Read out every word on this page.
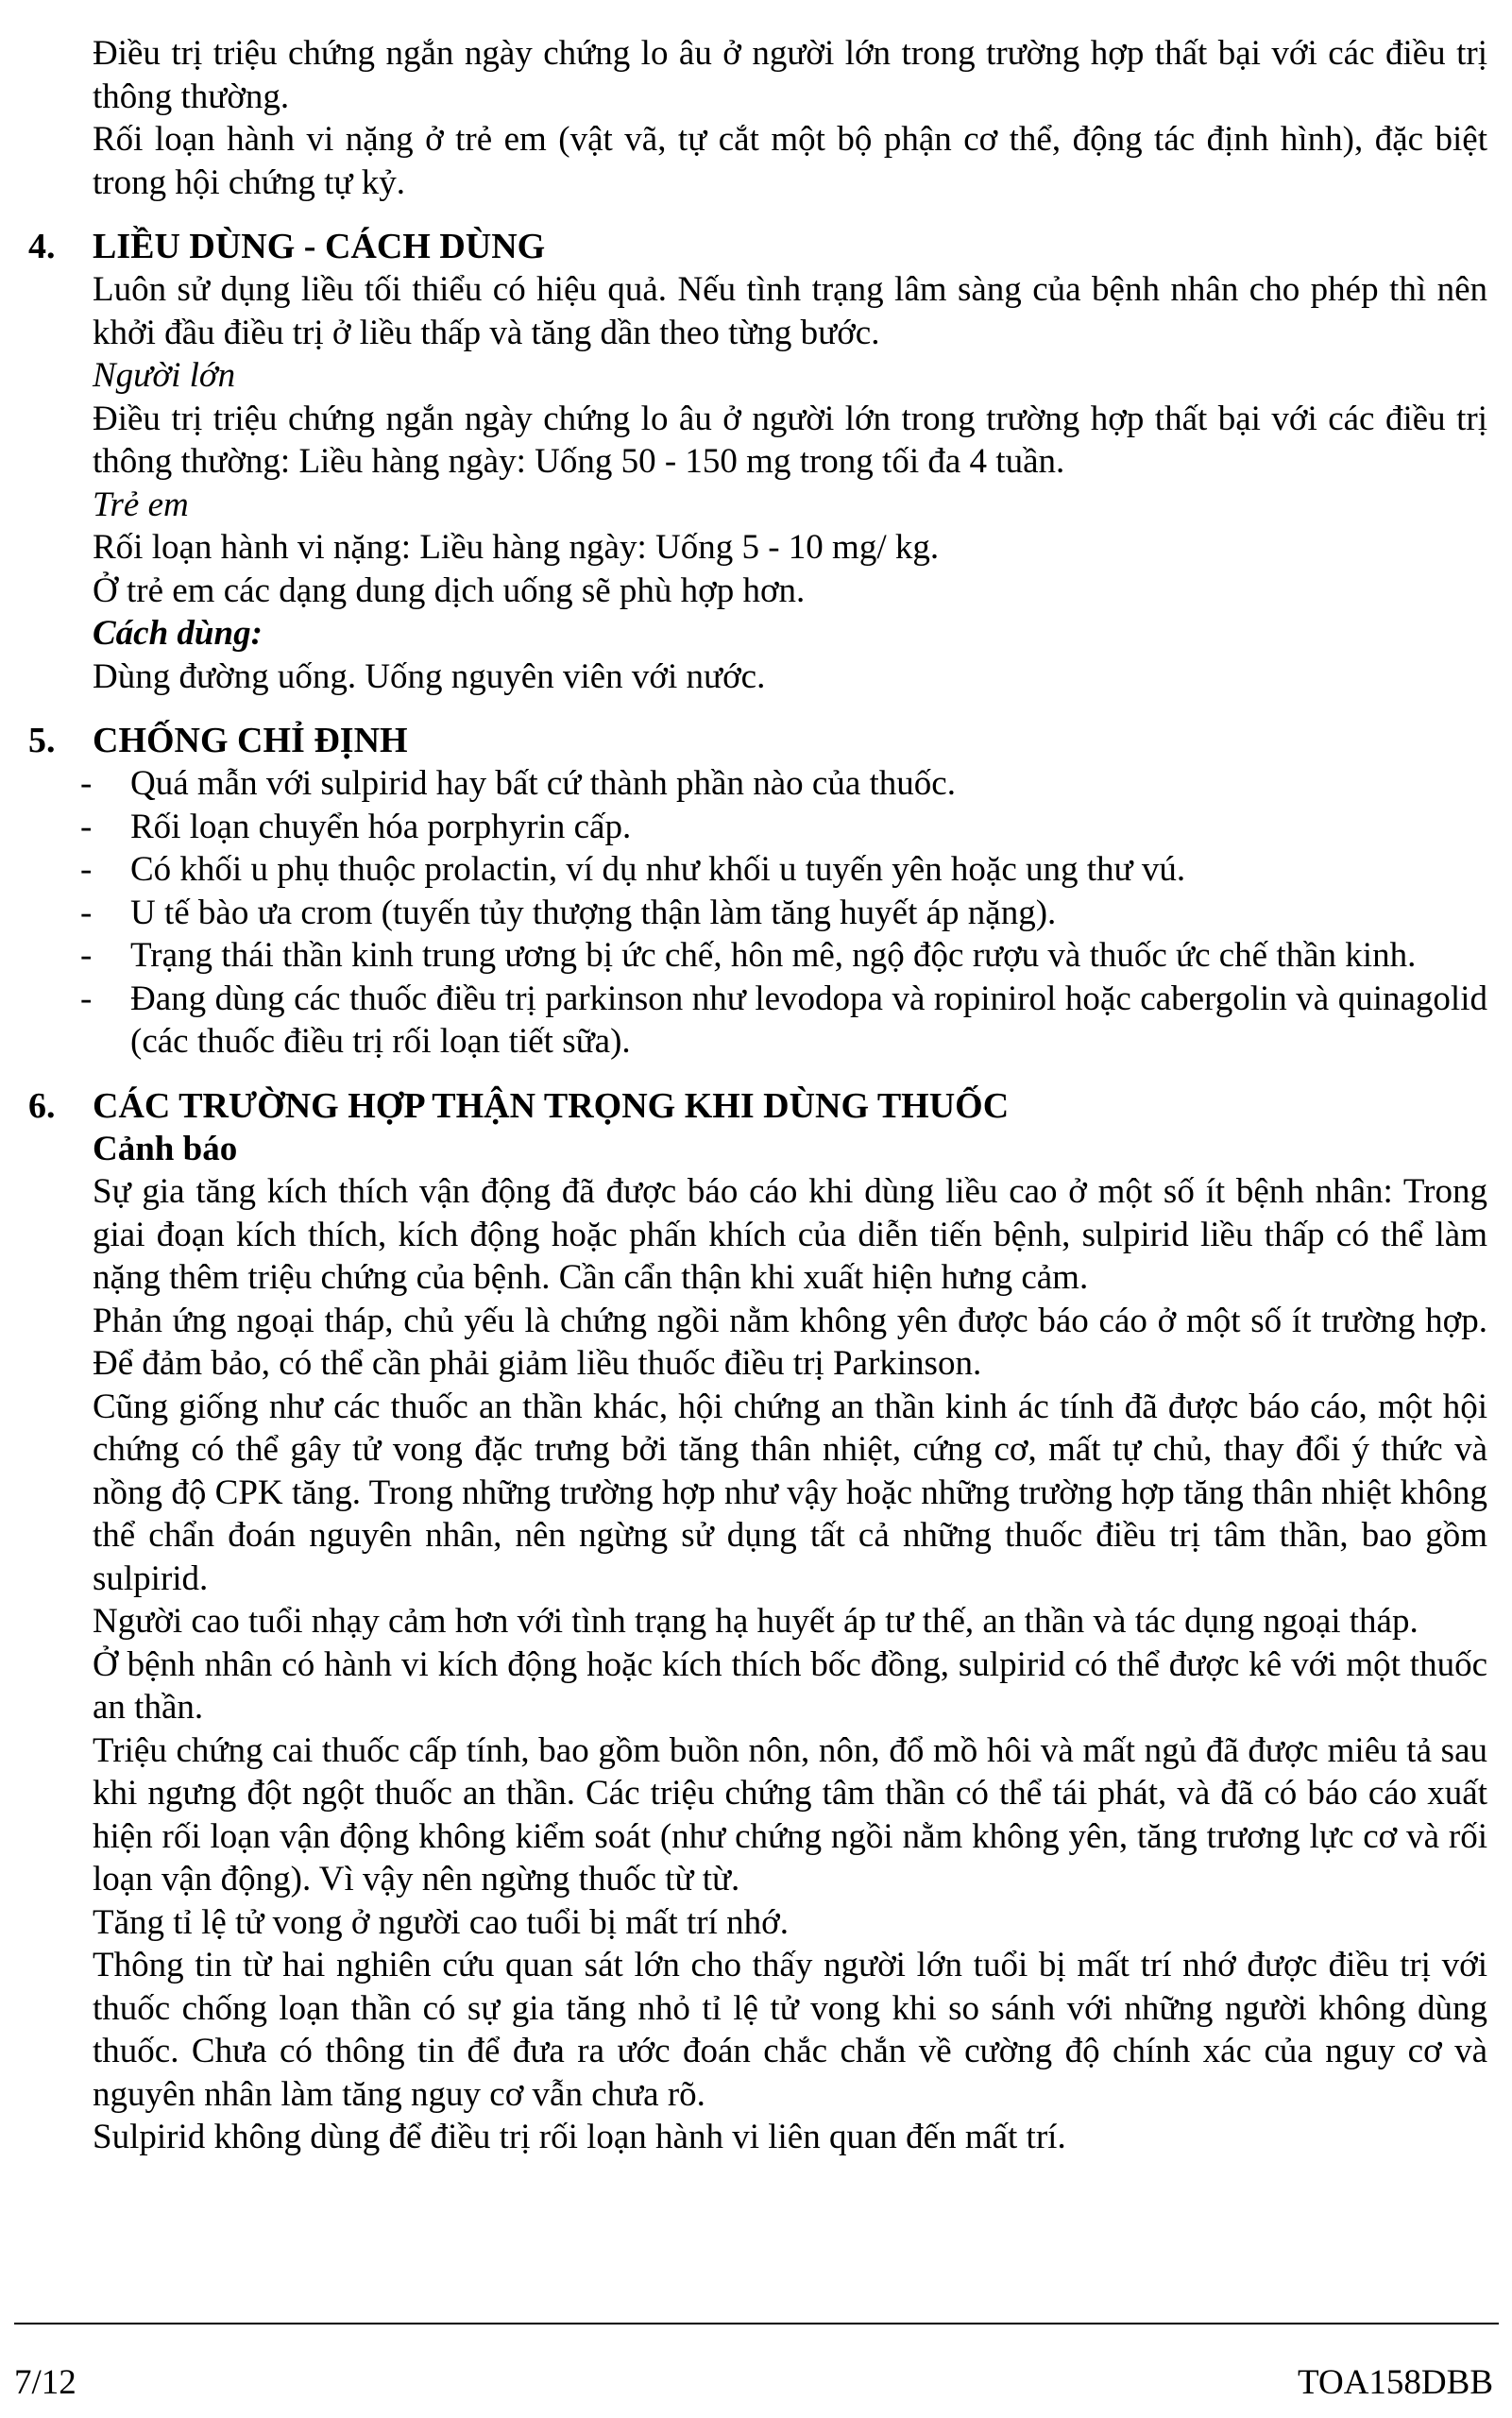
Điều trị triệu chứng ngắn ngày chứng lo âu ở người lớn trong trường hợp thất bại với các điều trị thông thường.

Rối loạn hành vi nặng ở trẻ em (vật vã, tự cắt một bộ phận cơ thể, động tác định hình), đặc biệt trong hội chứng tự kỷ.

4. LIỀU DÙNG - CÁCH DÙNG

Luôn sử dụng liều tối thiểu có hiệu quả. Nếu tình trạng lâm sàng của bệnh nhân cho phép thì nên khởi đầu điều trị ở liều thấp và tăng dần theo từng bước.

Người lớn

Điều trị triệu chứng ngắn ngày chứng lo âu ở người lớn trong trường hợp thất bại với các điều trị thông thường: Liều hàng ngày: Uống 50 - 150 mg trong tối đa 4 tuần.

Trẻ em

Rối loạn hành vi nặng: Liều hàng ngày: Uống 5 - 10 mg/ kg.

Ở trẻ em các dạng dung dịch uống sẽ phù hợp hơn.

Cách dùng:

Dùng đường uống. Uống nguyên viên với nước.

5. CHỐNG CHỈ ĐỊNH
- Quá mẫn với sulpirid hay bất cứ thành phần nào của thuốc.
- Rối loạn chuyển hóa porphyrin cấp.
- Có khối u phụ thuộc prolactin, ví dụ như khối u tuyến yên hoặc ung thư vú.
- U tế bào ưa crom (tuyến tủy thượng thận làm tăng huyết áp nặng).
- Trạng thái thần kinh trung ương bị ức chế, hôn mê, ngộ độc rượu và thuốc ức chế thần kinh.
- Đang dùng các thuốc điều trị parkinson như levodopa và ropinirol hoặc cabergolin và quinagolid (các thuốc điều trị rối loạn tiết sữa).
6. CÁC TRƯỜNG HỢP THẬN TRỌNG KHI DÙNG THUỐC

Cảnh báo

Sự gia tăng kích thích vận động đã được báo cáo khi dùng liều cao ở một số ít bệnh nhân: Trong giai đoạn kích thích, kích động hoặc phấn khích của diễn tiến bệnh, sulpirid liều thấp có thể làm nặng thêm triệu chứng của bệnh. Cần cẩn thận khi xuất hiện hưng cảm.

Phản ứng ngoại tháp, chủ yếu là chứng ngồi nằm không yên được báo cáo ở một số ít trường hợp. Để đảm bảo, có thể cần phải giảm liều thuốc điều trị Parkinson.

Cũng giống như các thuốc an thần khác, hội chứng an thần kinh ác tính đã được báo cáo, một hội chứng có thể gây tử vong đặc trưng bởi tăng thân nhiệt, cứng cơ, mất tự chủ, thay đổi ý thức và nồng độ CPK tăng. Trong những trường hợp như vậy hoặc những trường hợp tăng thân nhiệt không thể chẩn đoán nguyên nhân, nên ngừng sử dụng tất cả những thuốc điều trị tâm thần, bao gồm sulpirid.

Người cao tuổi nhạy cảm hơn với tình trạng hạ huyết áp tư thế, an thần và tác dụng ngoại tháp.

Ở bệnh nhân có hành vi kích động hoặc kích thích bốc đồng, sulpirid có thể được kê với một thuốc an thần.

Triệu chứng cai thuốc cấp tính, bao gồm buồn nôn, nôn, đổ mồ hôi và mất ngủ đã được miêu tả sau khi ngưng đột ngột thuốc an thần. Các triệu chứng tâm thần có thể tái phát, và đã có báo cáo xuất hiện rối loạn vận động không kiểm soát (như chứng ngồi nằm không yên, tăng trương lực cơ và rối loạn vận động). Vì vậy nên ngừng thuốc từ từ.

Tăng tỉ lệ tử vong ở người cao tuổi bị mất trí nhớ.

Thông tin từ hai nghiên cứu quan sát lớn cho thấy người lớn tuổi bị mất trí nhớ được điều trị với thuốc chống loạn thần có sự gia tăng nhỏ tỉ lệ tử vong khi so sánh với những người không dùng thuốc. Chưa có thông tin để đưa ra ước đoán chắc chắn về cường độ chính xác của nguy cơ và nguyên nhân làm tăng nguy cơ vẫn chưa rõ.

Sulpirid không dùng để điều trị rối loạn hành vi liên quan đến mất trí.

7/12	TOA158DBB
